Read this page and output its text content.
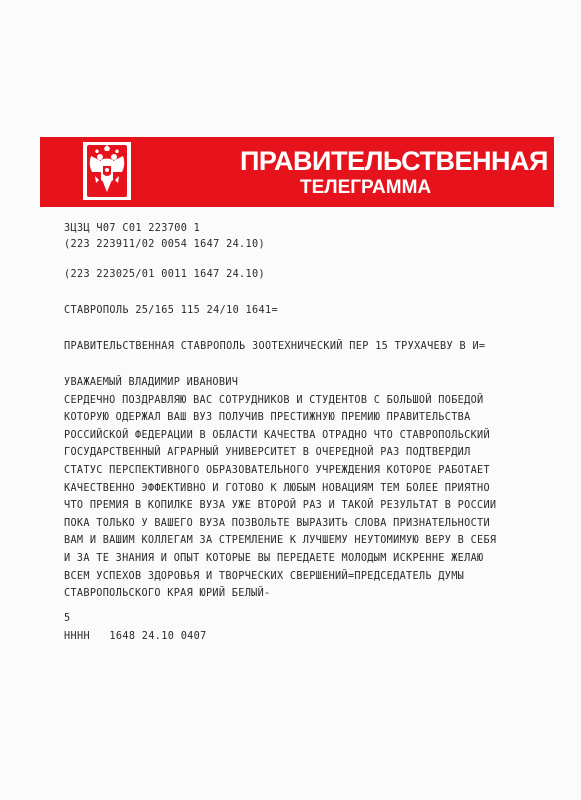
ПРАВИТЕЛЬСТВЕННАЯ
ТЕЛЕГРАММА
ЗЦЗЦ Ч07 С01 223700 1
(223 223911/02 0054 1647 24.10)
(223 223025/01 0011 1647 24.10)
СТАВРОПОЛЬ 25/165 115 24/10 1641=
ПРАВИТЕЛЬСТВЕННАЯ СТАВРОПОЛЬ ЗООТЕХНИЧЕСКИЙ ПЕР 15 ТРУХАЧЕВУ В И=
УВАЖАЕМЫЙ ВЛАДИМИР ИВАНОВИЧ
СЕРДЕЧНО ПОЗДРАВЛЯЮ ВАС СОТРУДНИКОВ И СТУДЕНТОВ С БОЛЬШОЙ ПОБЕДОЙ
КОТОРУЮ ОДЕРЖАЛ ВАШ ВУЗ ПОЛУЧИВ ПРЕСТИЖНУЮ ПРЕМИЮ ПРАВИТЕЛЬСТВА
РОССИЙСКОЙ ФЕДЕРАЦИИ В ОБЛАСТИ КАЧЕСТВА ОТРАДНО ЧТО СТАВРОПОЛЬСКИЙ
ГОСУДАРСТВЕННЫЙ АГРАРНЫЙ УНИВЕРСИТЕТ В ОЧЕРЕДНОЙ РАЗ ПОДТВЕРДИЛ
СТАТУС ПЕРСПЕКТИВНОГО ОБРАЗОВАТЕЛЬНОГО УЧРЕЖДЕНИЯ КОТОРОЕ РАБОТАЕТ
КАЧЕСТВЕННО ЭФФЕКТИВНО И ГОТОВО К ЛЮБЫМ НОВАЦИЯМ ТЕМ БОЛЕЕ ПРИЯТНО
ЧТО ПРЕМИЯ В КОПИЛКЕ ВУЗА УЖЕ ВТОРОЙ РАЗ И ТАКОЙ РЕЗУЛЬТАТ В РОССИИ
ПОКА ТОЛЬКО У ВАШЕГО ВУЗА ПОЗВОЛЬТЕ ВЫРАЗИТЬ СЛОВА ПРИЗНАТЕЛЬНОСТИ
ВАМ И ВАШИМ КОЛЛЕГАМ ЗА СТРЕМЛЕНИЕ К ЛУЧШЕМУ НЕУТОМИМУЮ ВЕРУ В СЕБЯ
И ЗА ТЕ ЗНАНИЯ И ОПЫТ КОТОРЫЕ ВЫ ПЕРЕДАЕТЕ МОЛОДЫМ ИСКРЕННЕ ЖЕЛАЮ
ВСЕМ УСПЕХОВ ЗДОРОВЬЯ И ТВОРЧЕСКИХ СВЕРШЕНИЙ=ПРЕДСЕДАТЕЛЬ ДУМЫ
СТАВРОПОЛЬСКОГО КРАЯ ЮРИЙ БЕЛЫЙ-
5
НННН   1648 24.10 0407
